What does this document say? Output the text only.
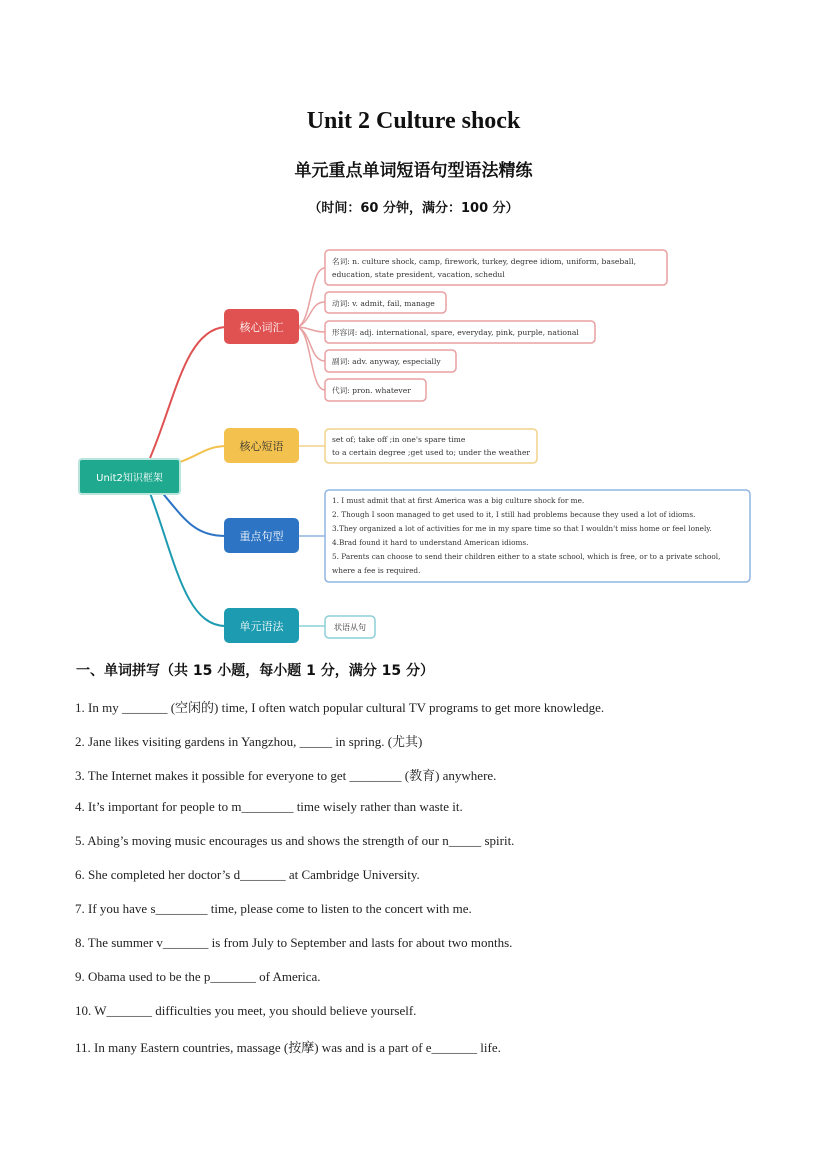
Unit 2 Culture shock
单元重点单词短语句型语法精练
（时间：60 分钟，满分：100 分）
Unit2知识框架
核心词汇
核心短语
重点句型
单元语法
名词: n. culture shock, camp, firework, turkey, degree idiom, uniform, baseball,
education, state president, vacation, schedul
动词: v. admit, fail, manage
形容词: adj. international, spare, everyday, pink, purple, national
副词: adv. anyway, especially
代词: pron. whatever
set of; take off ;in one's spare time
to a certain degree ;get used to; under the weather
1. I must admit that at first America was a big culture shock for me.
2. Though I soon managed to get used to it, I still had problems because they used a lot of idioms.
3.They organized a lot of activities for me in my spare time so that I wouldn't miss home or feel lonely.
4.Brad found it hard to understand American idioms.
5. Parents can choose to send their children either to a state school, which is free, or to a private school,
where a fee is required.
状语从句
一、单词拼写（共 15 小题，每小题 1 分，满分 15 分）
1. In my _______ (空闲的) time, I often watch popular cultural TV programs to get more knowledge.
2. Jane likes visiting gardens in Yangzhou, _____ in spring. (尤其)
3. The Internet makes it possible for everyone to get ________ (教育) anywhere.
4. It’s important for people to m________ time wisely rather than waste it.
5. Abing’s moving music encourages us and shows the strength of our n_____ spirit.
6. She completed her doctor’s d_______ at Cambridge University.
7. If you have s________ time, please come to listen to the concert with me.
8. The summer v_______ is from July to September and lasts for about two months.
9. Obama used to be the p_______ of America.
10. W_______ difficulties you meet, you should believe yourself.
11. In many Eastern countries, massage (按摩) was and is a part of e_______ life.
